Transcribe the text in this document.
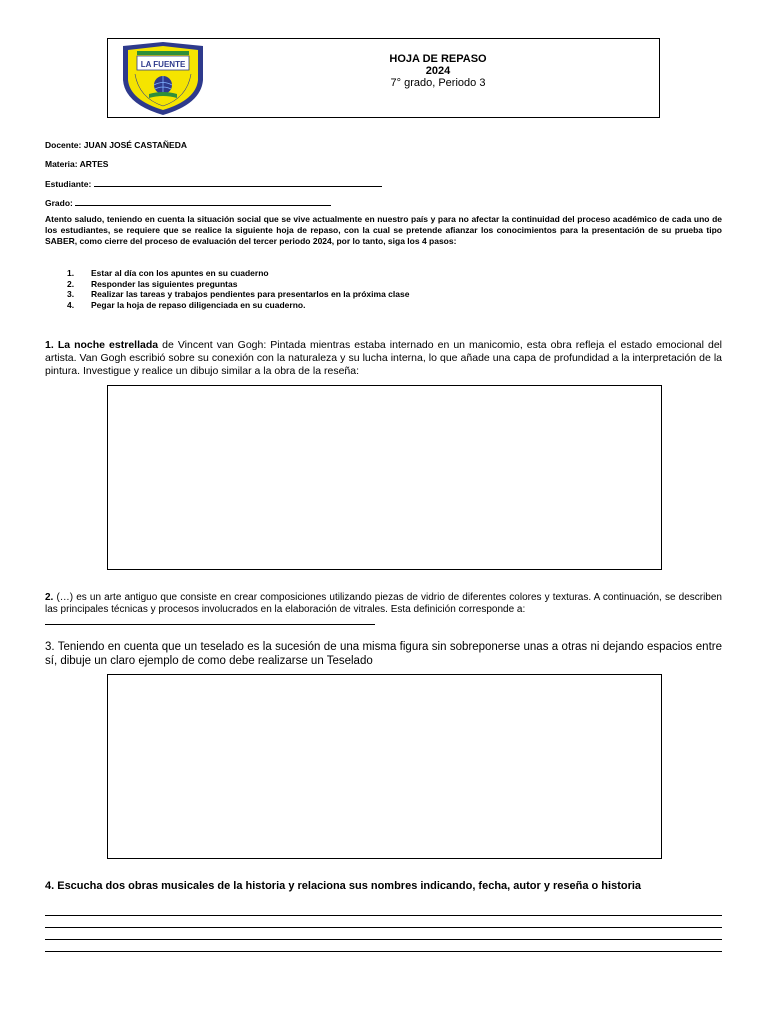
LA FUENTE	HOJA DE REPASO
2024
7° grado, Periodo 3
Docente: JUAN JOSÉ CASTAÑEDA
Materia: ARTES
Estudiante:
Grado:
Atento saludo, teniendo en cuenta la situación social que se vive actualmente en nuestro país y para no afectar la continuidad del proceso académico de cada uno de los estudiantes, se requiere que se realice la siguiente hoja de repaso, con la cual se pretende afianzar los conocimientos para la presentación de su prueba tipo SABER, como cierre del proceso de evaluación del tercer periodo 2024, por lo tanto, siga los 4 pasos:
1. Estar al día con los apuntes en su cuaderno
2. Responder las siguientes preguntas
3. Realizar las tareas y trabajos pendientes para presentarlos en la próxima clase
4. Pegar la hoja de repaso diligenciada en su cuaderno.
1. La noche estrellada de Vincent van Gogh: Pintada mientras estaba internado en un manicomio, esta obra refleja el estado emocional del artista. Van Gogh escribió sobre su conexión con la naturaleza y su lucha interna, lo que añade una capa de profundidad a la interpretación de la pintura. Investigue y realice un dibujo similar a la obra de la reseña:
2. (…) es un arte antiguo que consiste en crear composiciones utilizando piezas de vidrio de diferentes colores y texturas. A continuación, se describen las principales técnicas y procesos involucrados en la elaboración de vitrales. Esta definición corresponde a:
3. Teniendo en cuenta que un teselado es la sucesión de una misma figura sin sobreponerse unas a otras ni dejando espacios entre sí, dibuje un claro ejemplo de como debe realizarse un Teselado
4. Escucha dos obras musicales de la historia y relaciona sus nombres indicando, fecha, autor y reseña o historia
